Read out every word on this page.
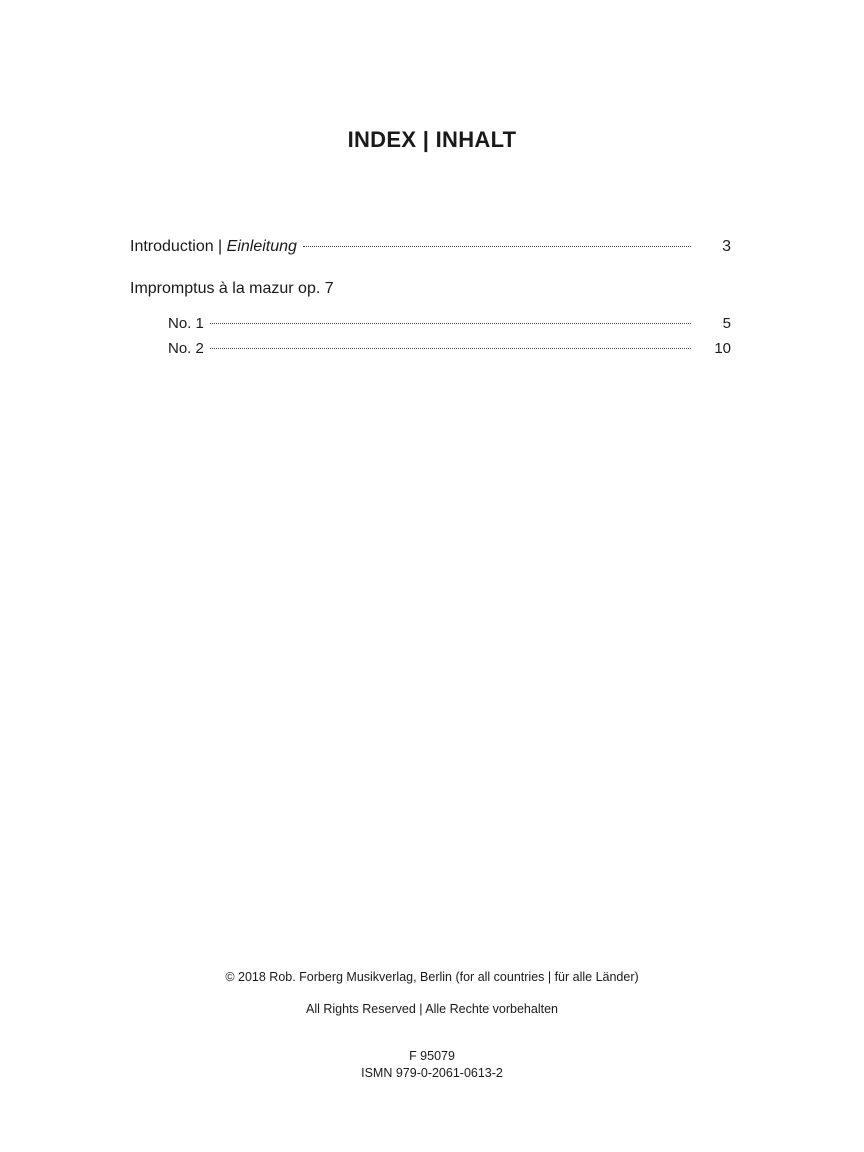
INDEX | INHALT
Introduction | Einleitung	3
Impromptus à la mazur op. 7
No. 1	5
No. 2	10
© 2018 Rob. Forberg Musikverlag, Berlin (for all countries | für alle Länder)
All Rights Reserved | Alle Rechte vorbehalten
F 95079
ISMN 979-0-2061-0613-2
